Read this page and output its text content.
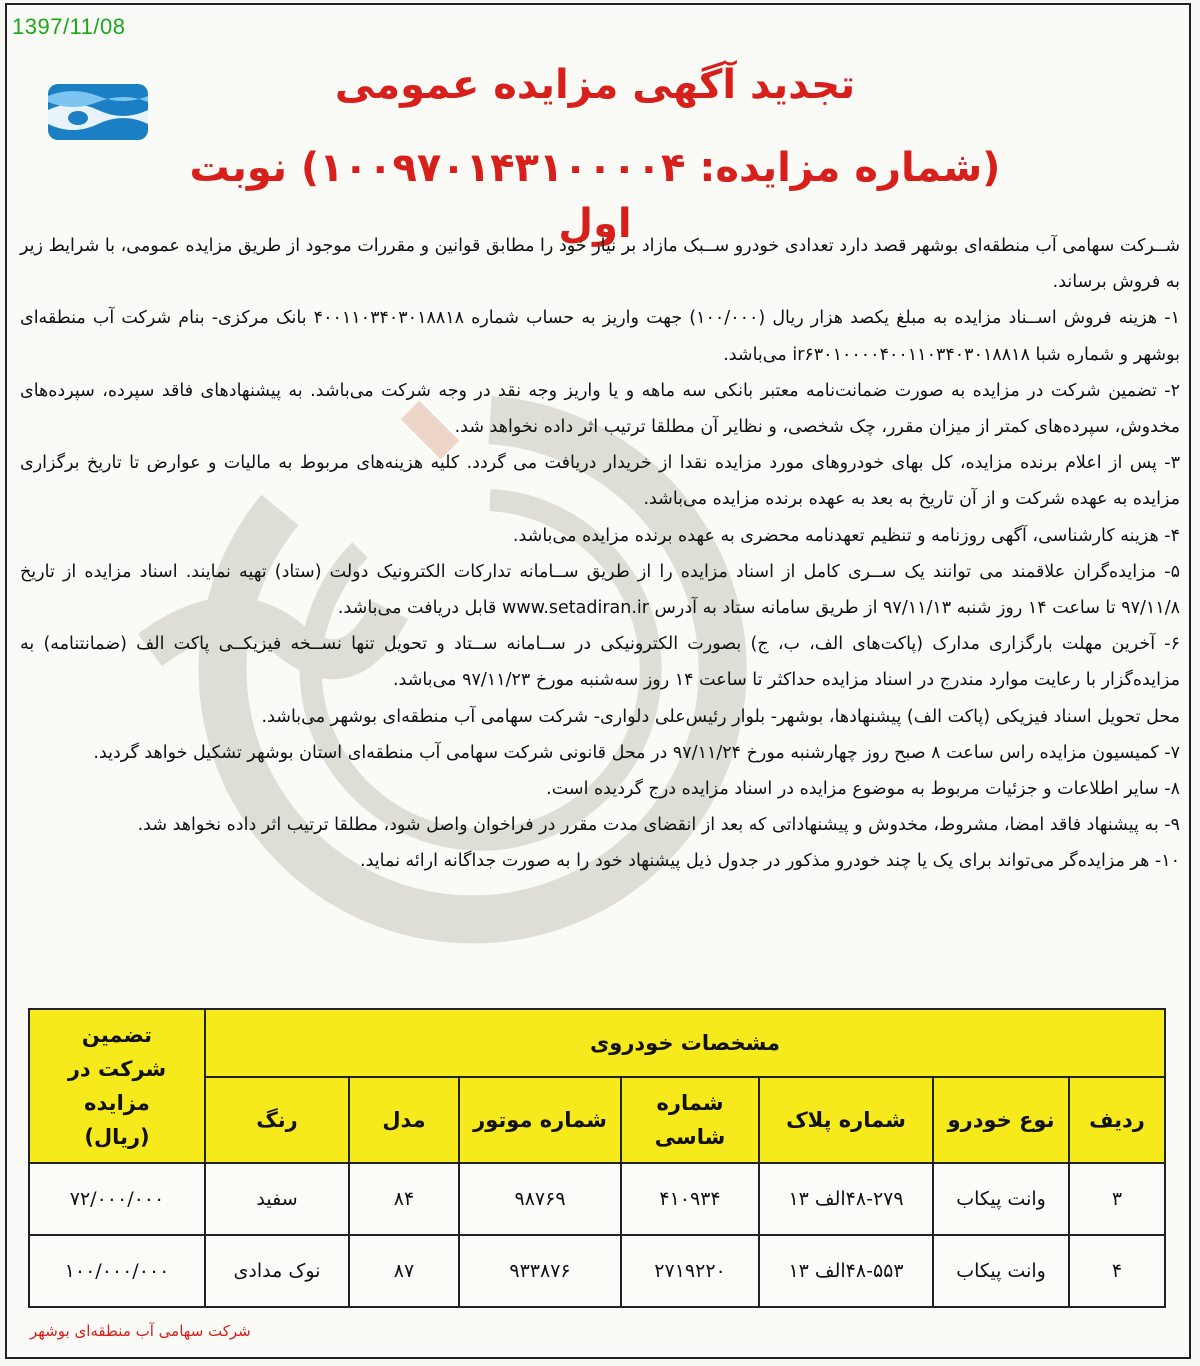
1397/11/08
تجدید آگهی مزایده عمومی
(شماره مزایده: ۱۰۰۹۷۰۱۴۳۱۰۰۰۰۴) نوبت اول

شــرکت سهامی آب منطقه‌ای بوشهر قصد دارد تعدادی خودرو ســبک مازاد بر نیاز خود را مطابق قوانین و مقررات موجود از طریق مزایده عمومی، با شرایط زیر به فروش برساند.

۱- هزینه فروش اســناد مزایده به مبلغ یکصد هزار ریال (۱۰۰/۰۰۰) جهت واریز به حساب شماره ۴۰۰۱۱۰۳۴۰۳۰۱۸۸۱۸ بانک مرکزی- بنام شرکت آب منطقه‌ای بوشهر و شماره شبا ir۶۳۰۱۰۰۰۰۴۰۰۱۱۰۳۴۰۳۰۱۸۸۱۸ می‌باشد.

۲- تضمین شرکت در مزایده به صورت ضمانت‌نامه معتبر بانکی سه ماهه و یا واریز وجه نقد در وجه شرکت می‌باشد. به پیشنهادهای فاقد سپرده، سپرده‌های مخدوش، سپرده‌های کمتر از میزان مقرر، چک شخصی، و نظایر آن مطلقا ترتیب اثر داده نخواهد شد.

۳- پس از اعلام برنده مزایده، کل بهای خودروهای مورد مزایده نقدا از خریدار دریافت می گردد. کلیه هزینه‌های مربوط به مالیات و عوارض تا تاریخ برگزاری مزایده به عهده شرکت و از آن تاریخ به بعد به عهده برنده مزایده می‌باشد.

۴- هزینه کارشناسی، آگهی روزنامه و تنظیم تعهدنامه محضری به عهده برنده مزایده می‌باشد.

۵- مزایده‌گران علاقمند می توانند یک ســری کامل از اسناد مزایده را از طریق ســامانه تدارکات الکترونیک دولت (ستاد) تهیه نمایند. اسناد مزایده از تاریخ ۹۷/۱۱/۸ تا ساعت ۱۴ روز شنبه ۹۷/۱۱/۱۳ از طریق سامانه ستاد به آدرس www.setadiran.ir قابل دریافت می‌باشد.

۶- آخرین مهلت بارگزاری مدارک (پاکت‌های الف، ب، ج) بصورت الکترونیکی در ســامانه ســتاد و تحویل تنها نســخه فیزیکــی پاکت الف (ضمانتنامه) به مزایده‌گزار با رعایت موارد مندرج در اسناد مزایده حداکثر تا ساعت ۱۴ روز سه‌شنبه مورخ ۹۷/۱۱/۲۳ می‌باشد.

محل تحویل اسناد فیزیکی (پاکت الف) پیشنهادها، بوشهر- بلوار رئیس‌علی دلواری- شرکت سهامی آب منطقه‌ای بوشهر می‌باشد.

۷- کمیسیون مزایده راس ساعت ۸ صبح روز چهارشنبه مورخ ۹۷/۱۱/۲۴ در محل قانونی شرکت سهامی آب منطقه‌ای استان بوشهر تشکیل خواهد گردید.

۸- سایر اطلاعات و جزئیات مربوط به موضوع مزایده در اسناد مزایده درج گردیده است.

۹- به پیشنهاد فاقد امضا، مشروط، مخدوش و پیشنهاداتی که بعد از انقضای مدت مقرر در فراخوان واصل شود، مطلقا ترتیب اثر داده نخواهد شد.

۱۰- هر مزایده‌گر می‌تواند برای یک یا چند خودرو مذکور در جدول ذیل پیشنهاد خود را به صورت جداگانه ارائه نماید.

مشخصات خودروی							تضمین شرکت در مزایده (ریال)
ردیف	نوع خودرو	شماره پلاک	شماره شاسی	شماره موتور	مدل	رنگ	
۳	وانت پیکاب	۴۸-۲۷۹الف ۱۳	۴۱۰۹۳۴	۹۸۷۶۹	۸۴	سفید	۷۲/۰۰۰/۰۰۰
۴	وانت پیکاب	۴۸-۵۵۳الف ۱۳	۲۷۱۹۲۲۰	۹۳۳۸۷۶	۸۷	نوک مدادی	۱۰۰/۰۰۰/۰۰۰
شرکت سهامی آب منطقه‌ای بوشهر
